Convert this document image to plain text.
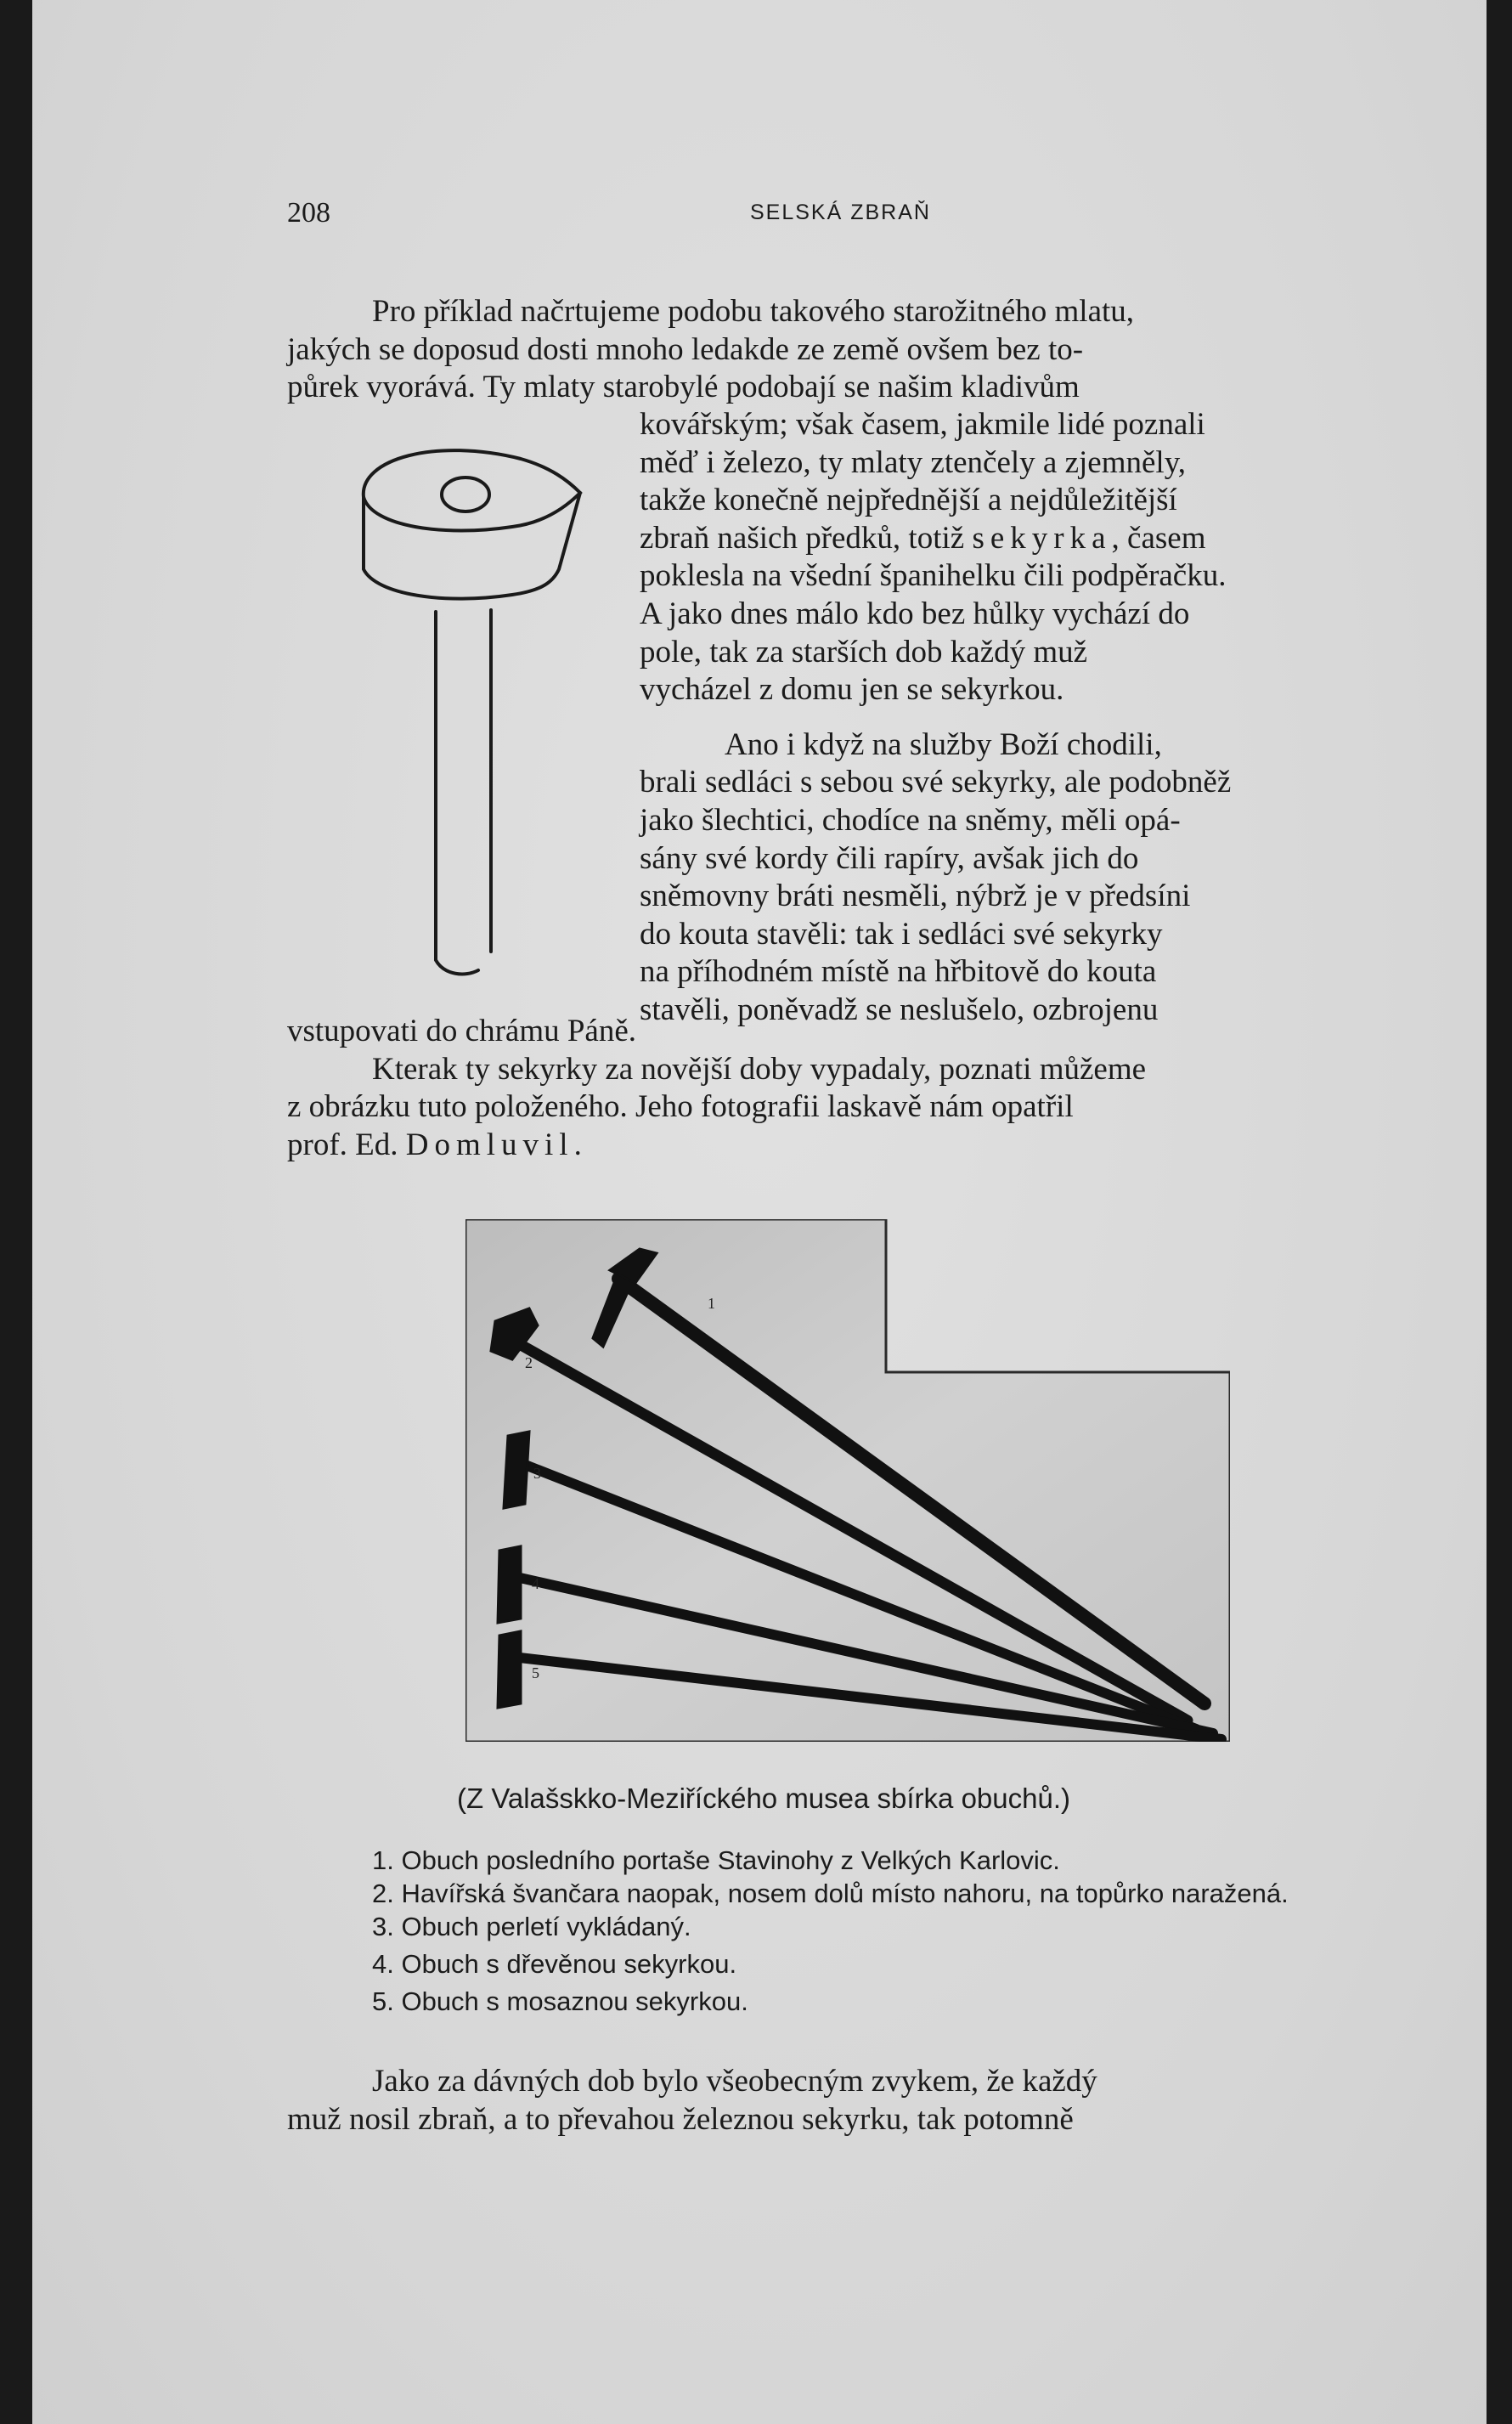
208	SELSKÁ ZBRAŇ
Pro příklad načrtujeme podobu takového starožitného mlatu,
jakých se doposud dosti mnoho ledakde ze země ovšem bez to-
půrek vyorává. Ty mlaty starobylé podobají se našim kladivům
kovářským; však časem, jakmile lidé poznali
měď i železo, ty mlaty ztenčely a zjemněly,
takže konečně nejpřednější a nejdůležitější
zbraň našich předků, totiž sekyrka, časem
poklesla na všední španihelku čili podpěračku.
A jako dnes málo kdo bez hůlky vychází do
pole, tak za starších dob každý muž
vycházel z domu jen se sekyrkou.
Ano i když na služby Boží chodili,
brali sedláci s sebou své sekyrky, ale podobněž
jako šlechtici, chodíce na sněmy, měli opá-
sány své kordy čili rapíry, avšak jich do
sněmovny bráti nesměli, nýbrž je v předsíni
do kouta stavěli: tak i sedláci své sekyrky
na příhodném místě na hřbitově do kouta
stavěli, poněvadž se neslušelo, ozbrojenu
vstupovati do chrámu Páně.
Kterak ty sekyrky za novější doby vypadaly, poznati můžeme
z obrázku tuto položeného. Jeho fotografii laskavě nám opatřil
prof. Ed. Domluvil.
1
2
3
4
5
(Z Valašskko-Meziříckého musea sbírka obuchů.)
1. Obuch posledního portaše Stavinohy z Velkých Karlovic.
2. Havířská švančara naopak, nosem dolů místo nahoru, na topůrko naražená.
3. Obuch perletí vykládaný.
4. Obuch s dřevěnou sekyrkou.
5. Obuch s mosaznou sekyrkou.
Jako za dávných dob bylo všeobecným zvykem, že každý
muž nosil zbraň, a to převahou železnou sekyrku, tak potomně
